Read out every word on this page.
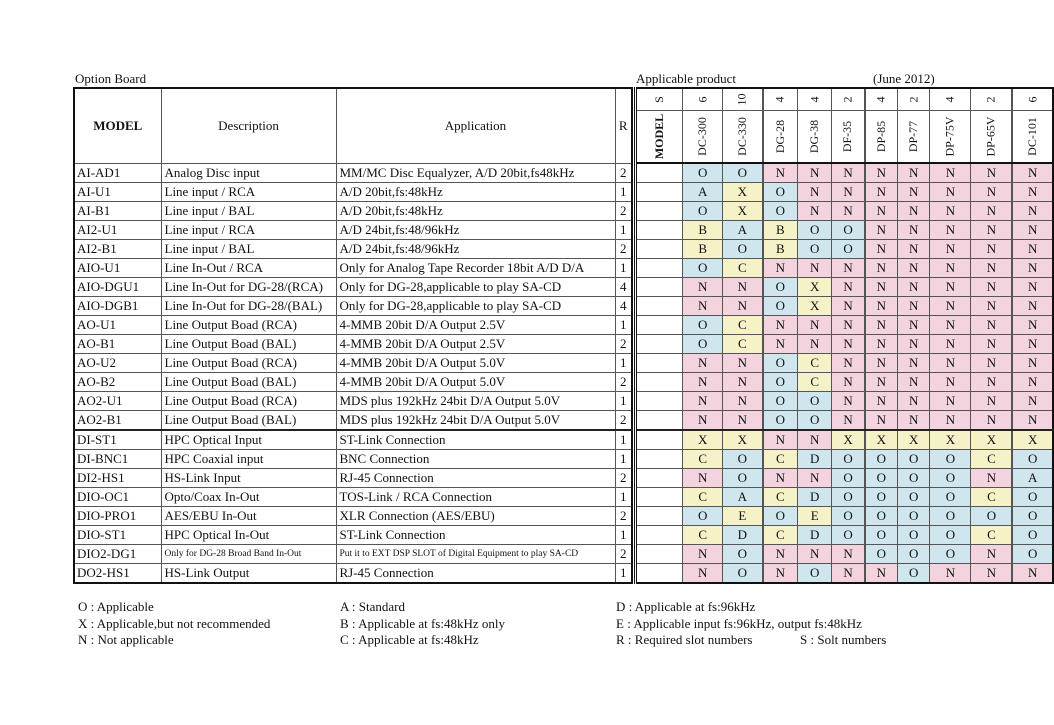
Option Board	Applicable product	(June 2012)
MODEL	Description	Application	R
AI-AD1	Analog Disc input	MM/MC Disc Equalyzer, A/D 20bit,fs48kHz	2
AI-U1	Line input / RCA	A/D 20bit,fs:48kHz	1
AI-B1	Line input / BAL	A/D 20bit,fs:48kHz	2
AI2-U1	Line input / RCA	A/D 24bit,fs:48/96kHz	1
AI2-B1	Line input / BAL	A/D 24bit,fs:48/96kHz	2
AIO-U1	Line In-Out / RCA	Only for Analog Tape Recorder 18bit A/D D/A	1
AIO-DGU1	Line In-Out for DG-28/(RCA)	Only for DG-28,applicable to play SA-CD	4
AIO-DGB1	Line In-Out for DG-28/(BAL)	Only for DG-28,applicable to play SA-CD	4
AO-U1	Line Output Boad (RCA)	4-MMB 20bit D/A Output 2.5V	1
AO-B1	Line Output Boad (BAL)	4-MMB 20bit D/A Output 2.5V	2
AO-U2	Line Output Boad (RCA)	4-MMB 20bit D/A Output 5.0V	1
AO-B2	Line Output Boad (BAL)	4-MMB 20bit D/A Output 5.0V	2
AO2-U1	Line Output Boad (RCA)	MDS plus 192kHz 24bit D/A Output 5.0V	1
AO2-B1	Line Output Boad (BAL)	MDS plus 192kHz 24bit D/A Output 5.0V	2
DI-ST1	HPC Optical Input	ST-Link Connection	1
DI-BNC1	HPC Coaxial input	BNC Connection	1
DI2-HS1	HS-Link Input	RJ-45 Connection	2
DIO-OC1	Opto/Coax In-Out	TOS-Link / RCA Connection	1
DIO-PRO1	AES/EBU In-Out	XLR Connection (AES/EBU)	2
DIO-ST1	HPC Optical In-Out	ST-Link Connection	1
DIO2-DG1	Only for DG-28 Broad Band In-Out	Put it to EXT DSP SLOT of Digital Equipment to play SA-CD	2
DO2-HS1	HS-Link Output	RJ-45 Connection	1
S	6	10		4	4	2		4	2	4	2		6
MODEL	DC-300	DC-330		DG-28	DG-38	DF-35		DP-85	DP-77	DP-75V	DP-65V		DC-101
	O	O		N	N	N		N	N	N	N		N
	A	X		O	N	N		N	N	N	N		N
	O	X		O	N	N		N	N	N	N		N
	B	A		B	O	O		N	N	N	N		N
	B	O		B	O	O		N	N	N	N		N
	O	C		N	N	N		N	N	N	N		N
	N	N		O	X	N		N	N	N	N		N
	N	N		O	X	N		N	N	N	N		N
	O	C		N	N	N		N	N	N	N		N
	O	C		N	N	N		N	N	N	N		N
	N	N		O	C	N		N	N	N	N		N
	N	N		O	C	N		N	N	N	N		N
	N	N		O	O	N		N	N	N	N		N
	N	N		O	O	N		N	N	N	N		N
	X	X		N	N	X		X	X	X	X		X
	C	O		C	D	O		O	O	O	C		O
	N	O		N	N	O		O	O	O	N		A
	C	A		C	D	O		O	O	O	C		O
	O	E		O	E	O		O	O	O	O		O
	C	D		C	D	O		O	O	O	C		O
	N	O		N	N	N		O	O	O	N		O
	N	O		N	O	N		N	O	N	N		N
O : Applicable
X : Applicable,but not recommended
N : Not applicable
A : Standard
B : Applicable at fs:48kHz only
C : Applicable at fs:48kHz
D : Applicable at fs:96kHz
E : Applicable input fs:96kHz, output fs:48kHz
R : Required slot numbers	S : Solt numbers
